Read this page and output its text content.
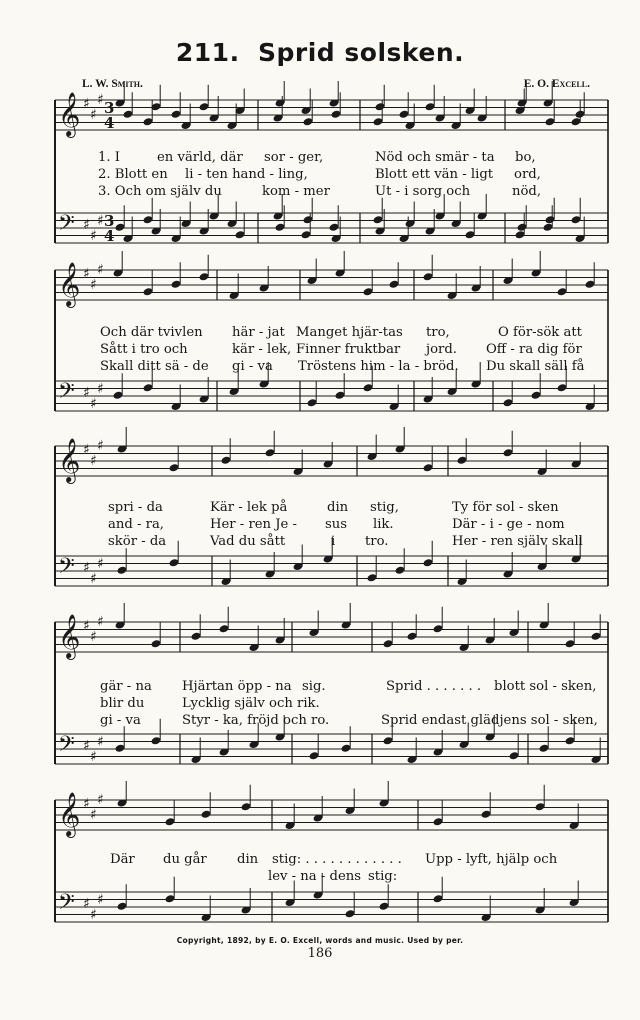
211. Sprid solsken.
L. W. Smith.	E. O. Excell.
𝄞 ♯
♯
♯
𝄢 ♯
♯
♯
𝄞 ♯
♯
♯
𝄢 ♯
♯
♯
𝄞 ♯
♯
♯
𝄢 ♯
♯
♯
𝄞 ♯
♯
♯
𝄢 ♯
♯
♯
𝄞 ♯
♯
♯
𝄢 ♯
♯
♯
3
4
3
4
1. I	en värld, där sor - ger,	Nöd och smär - ta bo,
2. Blott en li - ten hand - ling,	Blott ett vän - ligt ord,
3. Och om själv du	kom - mer	Ut - i sorg och	nöd,
Och där tvivlen här - jat Manget hjär-tas tro,	O för-sök att
Sått i tro och	kär - lek, Finner fruktbar jord. Off - ra dig för
Skall ditt sä - de gi - va Tröstens him - la - bröd. Du skall säll få
spri - da	Kär - lek på	din stig,	Ty för sol - sken
and - ra,	Her - ren Je - sus lik.	Där - i - ge - nom
skör - da	Vad du sått	i tro.	Her - ren själv skall
gär - na Hjärtan öpp - na sig.	Sprid . . . . . . . blott sol - sken,
blir du	Lycklig själv och rik.
gi - va	Styr - ka, fröjd och ro.	Sprid endast glädjens sol - sken,
Där du går din stig: . . . . . . . . . . . . Upp - lyft, hjälp och
lev - na - dens stig:
Copyright, 1892, by E. O. Excell, words and music. Used by per.
186
